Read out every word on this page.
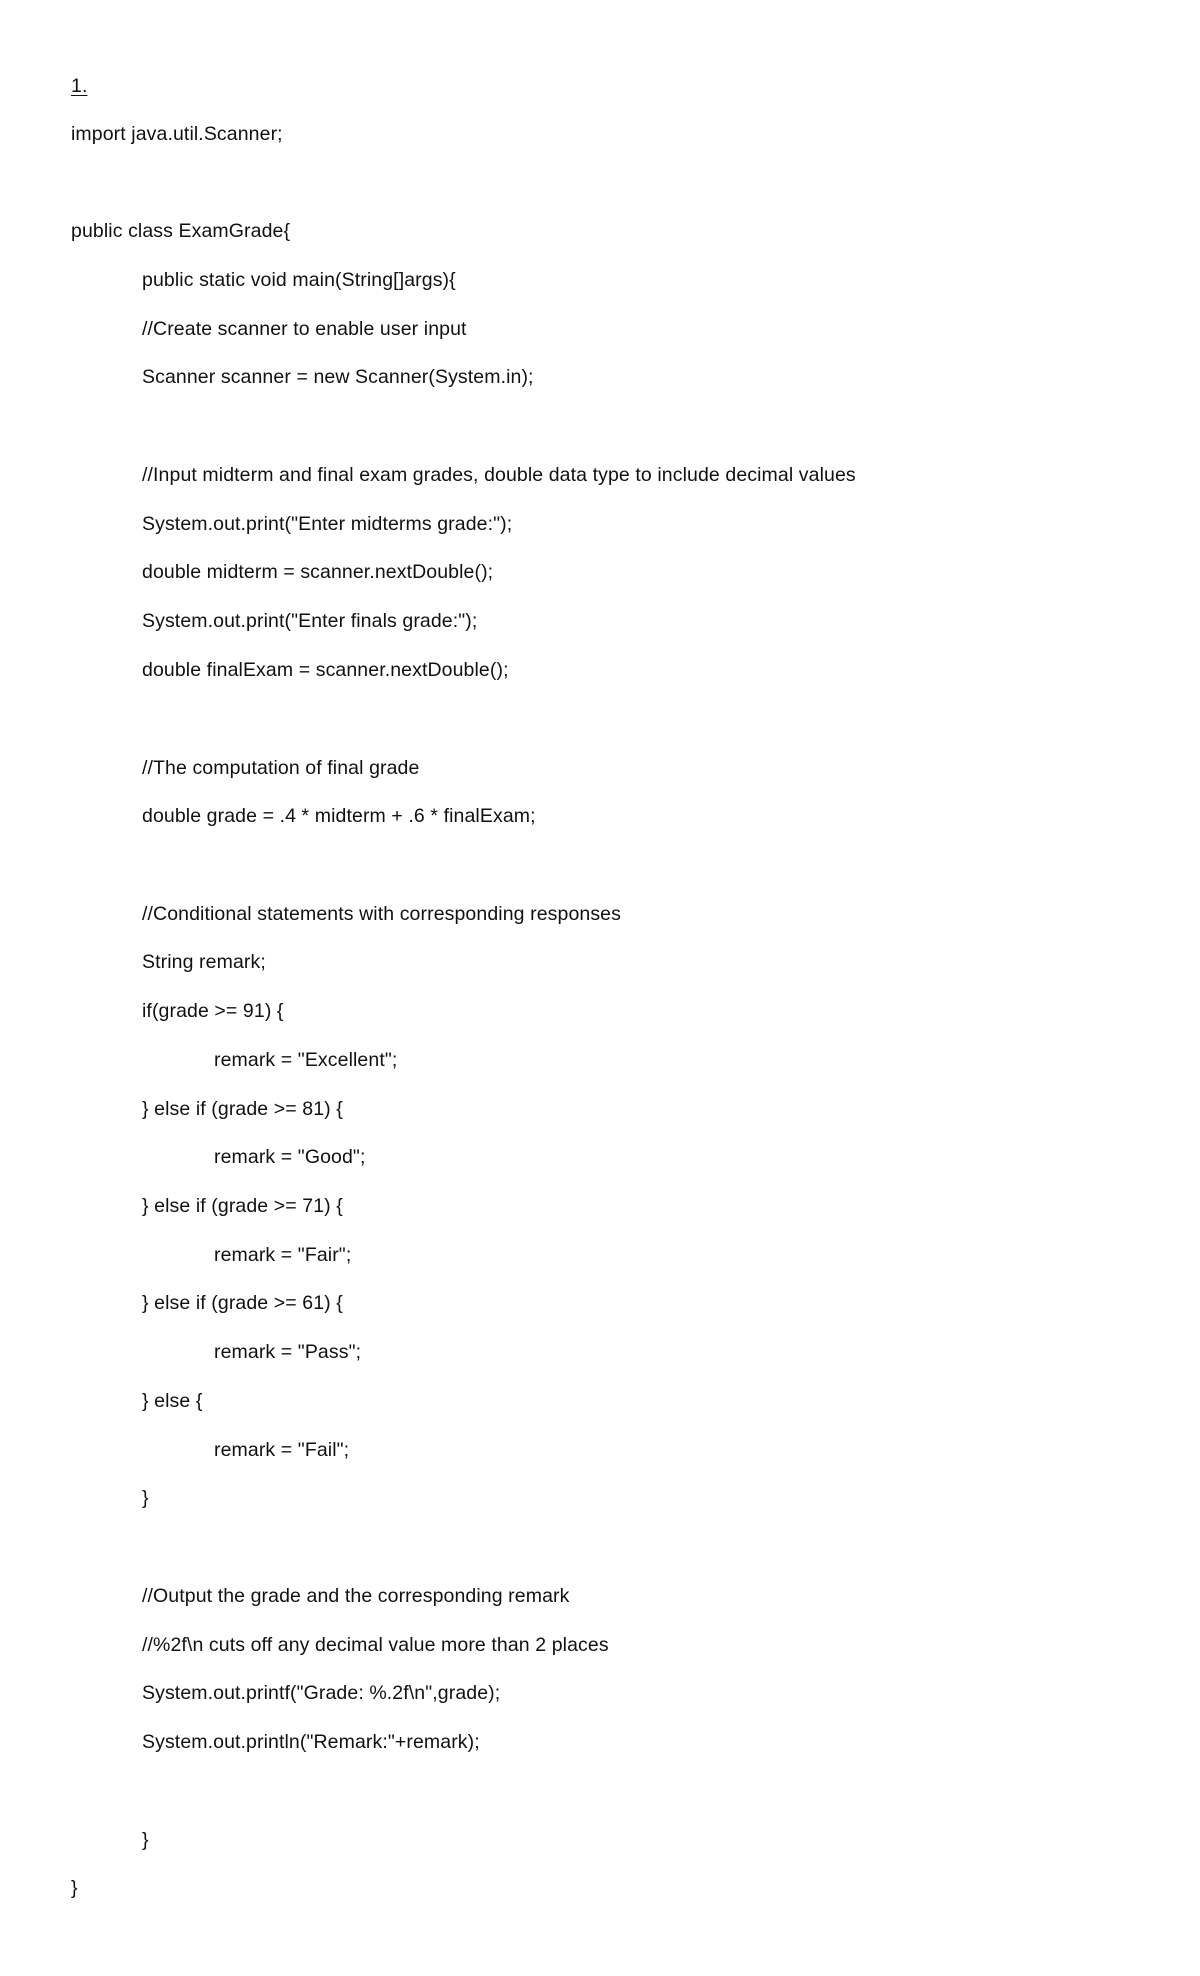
1.
import java.util.Scanner;
public class ExamGrade{
public static void main(String[]args){
//Create scanner to enable user input
Scanner scanner = new Scanner(System.in);
//Input midterm and final exam grades, double data type to include decimal values
System.out.print("Enter midterms grade:");
double midterm = scanner.nextDouble();
System.out.print("Enter finals grade:");
double finalExam = scanner.nextDouble();
//The computation of final grade
double grade = .4 * midterm + .6 * finalExam;
//Conditional statements with corresponding responses
String remark;
if(grade >= 91) {
remark = "Excellent";
} else if (grade >= 81) {
remark = "Good";
} else if (grade >= 71) {
remark = "Fair";
} else if (grade >= 61) {
remark = "Pass";
} else {
remark = "Fail";
}
//Output the grade and the corresponding remark
//%2f\n cuts off any decimal value more than 2 places
System.out.printf("Grade: %.2f\n",grade);
System.out.println("Remark:"+remark);
}
}
